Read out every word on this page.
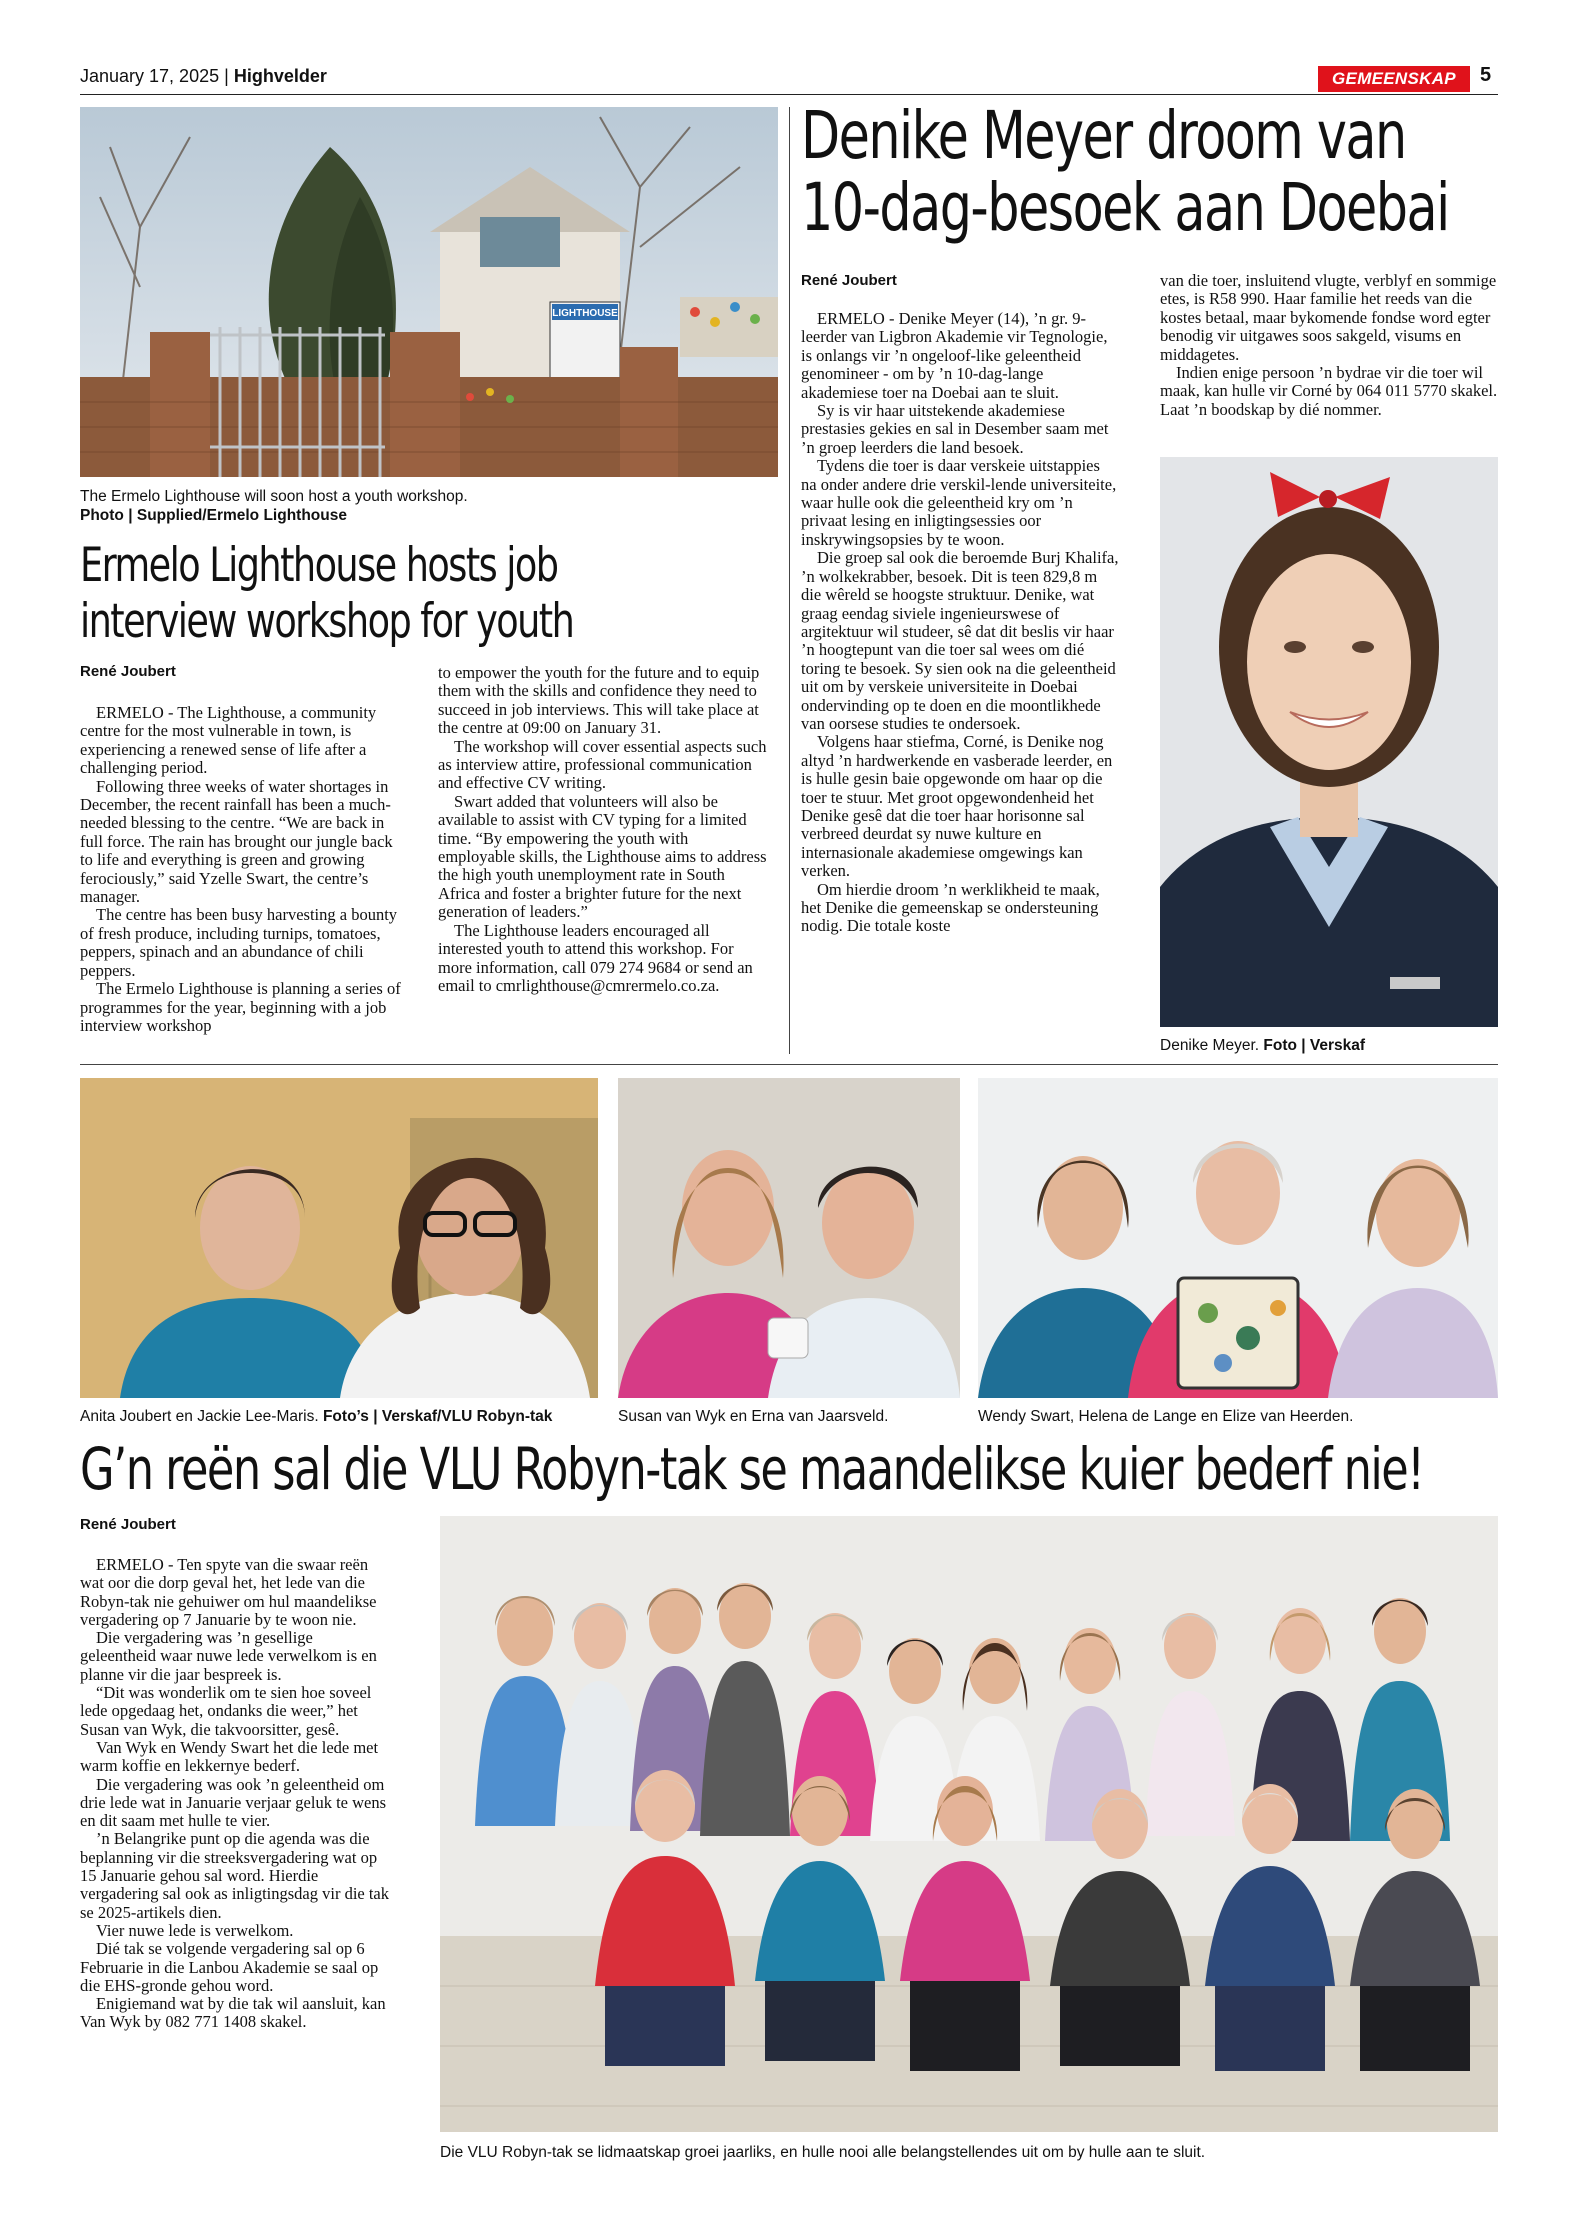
January 17, 2025 | Highvelder	GEMEENSKAP	5
LIGHTHOUSE
The Ermelo Lighthouse will soon host a youth workshop.
Photo | Supplied/Ermelo Lighthouse
Ermelo Lighthouse hosts job
interview workshop for youth
René Joubert

ERMELO - The Lighthouse, a community centre for the most vulnerable in town, is experiencing a renewed sense of life after a challenging period.

Following three weeks of water shortages in December, the recent rainfall has been a much-needed blessing to the centre. “We are back in full force. The rain has brought our jungle back to life and everything is green and growing ferociously,” said Yzelle Swart, the centre’s manager.

The centre has been busy harvesting a bounty of fresh produce, including turnips, tomatoes, peppers, spinach and an abundance of chili peppers.

The Ermelo Lighthouse is planning a series of programmes for the year, beginning with a job interview workshop

to empower the youth for the future and to equip them with the skills and confidence they need to succeed in job interviews. This will take place at the centre at 09:00 on January 31.

The workshop will cover essential aspects such as interview attire, professional communication and effective CV writing.

Swart added that volunteers will also be available to assist with CV typing for a limited time. “By empowering the youth with employable skills, the Lighthouse aims to address the high youth unemployment rate in South Africa and foster a brighter future for the next generation of leaders.”

The Lighthouse leaders encouraged all interested youth to attend this workshop. For more information, call 079 274 9684 or send an email to cmrlighthouse@cmrermelo.co.za.

Denike Meyer droom van
10-dag-besoek aan Doebai
René Joubert

ERMELO - Denike Meyer (14), ’n gr. 9-leerder van Ligbron Akademie vir Tegnologie, is onlangs vir ’n ongeloof-like geleentheid genomineer - om by ’n 10-dag-lange akademiese toer na Doebai aan te sluit.

Sy is vir haar uitstekende akademiese prestasies gekies en sal in Desember saam met ’n groep leerders die land besoek.

Tydens die toer is daar verskeie uitstappies na onder andere drie verskil-lende universiteite, waar hulle ook die geleentheid kry om ’n privaat lesing en inligtingsessies oor inskrywingsopsies by te woon.

Die groep sal ook die beroemde Burj Khalifa, ’n wolkekrabber, besoek. Dit is teen 829,8 m die wêreld se hoogste struktuur. Denike, wat graag eendag siviele ingenieurswese of argitektuur wil studeer, sê dat dit beslis vir haar ’n hoogtepunt van die toer sal wees om dié toring te besoek. Sy sien ook na die geleentheid uit om by verskeie universiteite in Doebai ondervinding op te doen en die moontlikhede van oorsese studies te ondersoek.

Volgens haar stiefma, Corné, is Denike nog altyd ’n hardwerkende en vasberade leerder, en is hulle gesin baie opgewonde om haar op die toer te stuur. Met groot opgewondenheid het Denike gesê dat die toer haar horisonne sal verbreed deurdat sy nuwe kulture en internasionale akademiese omgewings kan verken.

Om hierdie droom ’n werklikheid te maak, het Denike die gemeenskap se ondersteuning nodig. Die totale koste

van die toer, insluitend vlugte, verblyf en sommige etes, is R58 990. Haar familie het reeds van die kostes betaal, maar bykomende fondse word egter benodig vir uitgawes soos sakgeld, visums en middagetes.

Indien enige persoon ’n bydrae vir die toer wil maak, kan hulle vir Corné by 064 011 5770 skakel. Laat ’n boodskap by dié nommer.

Denike Meyer. Foto | Verskaf
Anita Joubert en Jackie Lee-Maris. Foto’s | Verskaf/VLU Robyn-tak	Susan van Wyk en Erna van Jaarsveld.	Wendy Swart, Helena de Lange en Elize van Heerden.
G’n reën sal die VLU Robyn-tak se maandelikse kuier bederf nie!
René Joubert

ERMELO - Ten spyte van die swaar reën wat oor die dorp geval het, het lede van die Robyn-tak nie gehuiwer om hul maandelikse vergadering op 7 Januarie by te woon nie.

Die vergadering was ’n gesellige geleentheid waar nuwe lede verwelkom is en planne vir die jaar bespreek is.

“Dit was wonderlik om te sien hoe soveel lede opgedaag het, ondanks die weer,” het Susan van Wyk, die takvoorsitter, gesê.

Van Wyk en Wendy Swart het die lede met warm koffie en lekkernye bederf.

Die vergadering was ook ’n geleentheid om drie lede wat in Januarie verjaar geluk te wens en dit saam met hulle te vier.

’n Belangrike punt op die agenda was die beplanning vir die streeksvergadering wat op 15 Januarie gehou sal word. Hierdie vergadering sal ook as inligtingsdag vir die tak se 2025-artikels dien.

Vier nuwe lede is verwelkom.

Dié tak se volgende vergadering sal op 6 Februarie in die Lanbou Akademie se saal op die EHS-gronde gehou word.

Enigiemand wat by die tak wil aansluit, kan Van Wyk by 082 771 1408 skakel.

Die VLU Robyn-tak se lidmaatskap groei jaarliks, en hulle nooi alle belangstellendes uit om by hulle aan te sluit.
